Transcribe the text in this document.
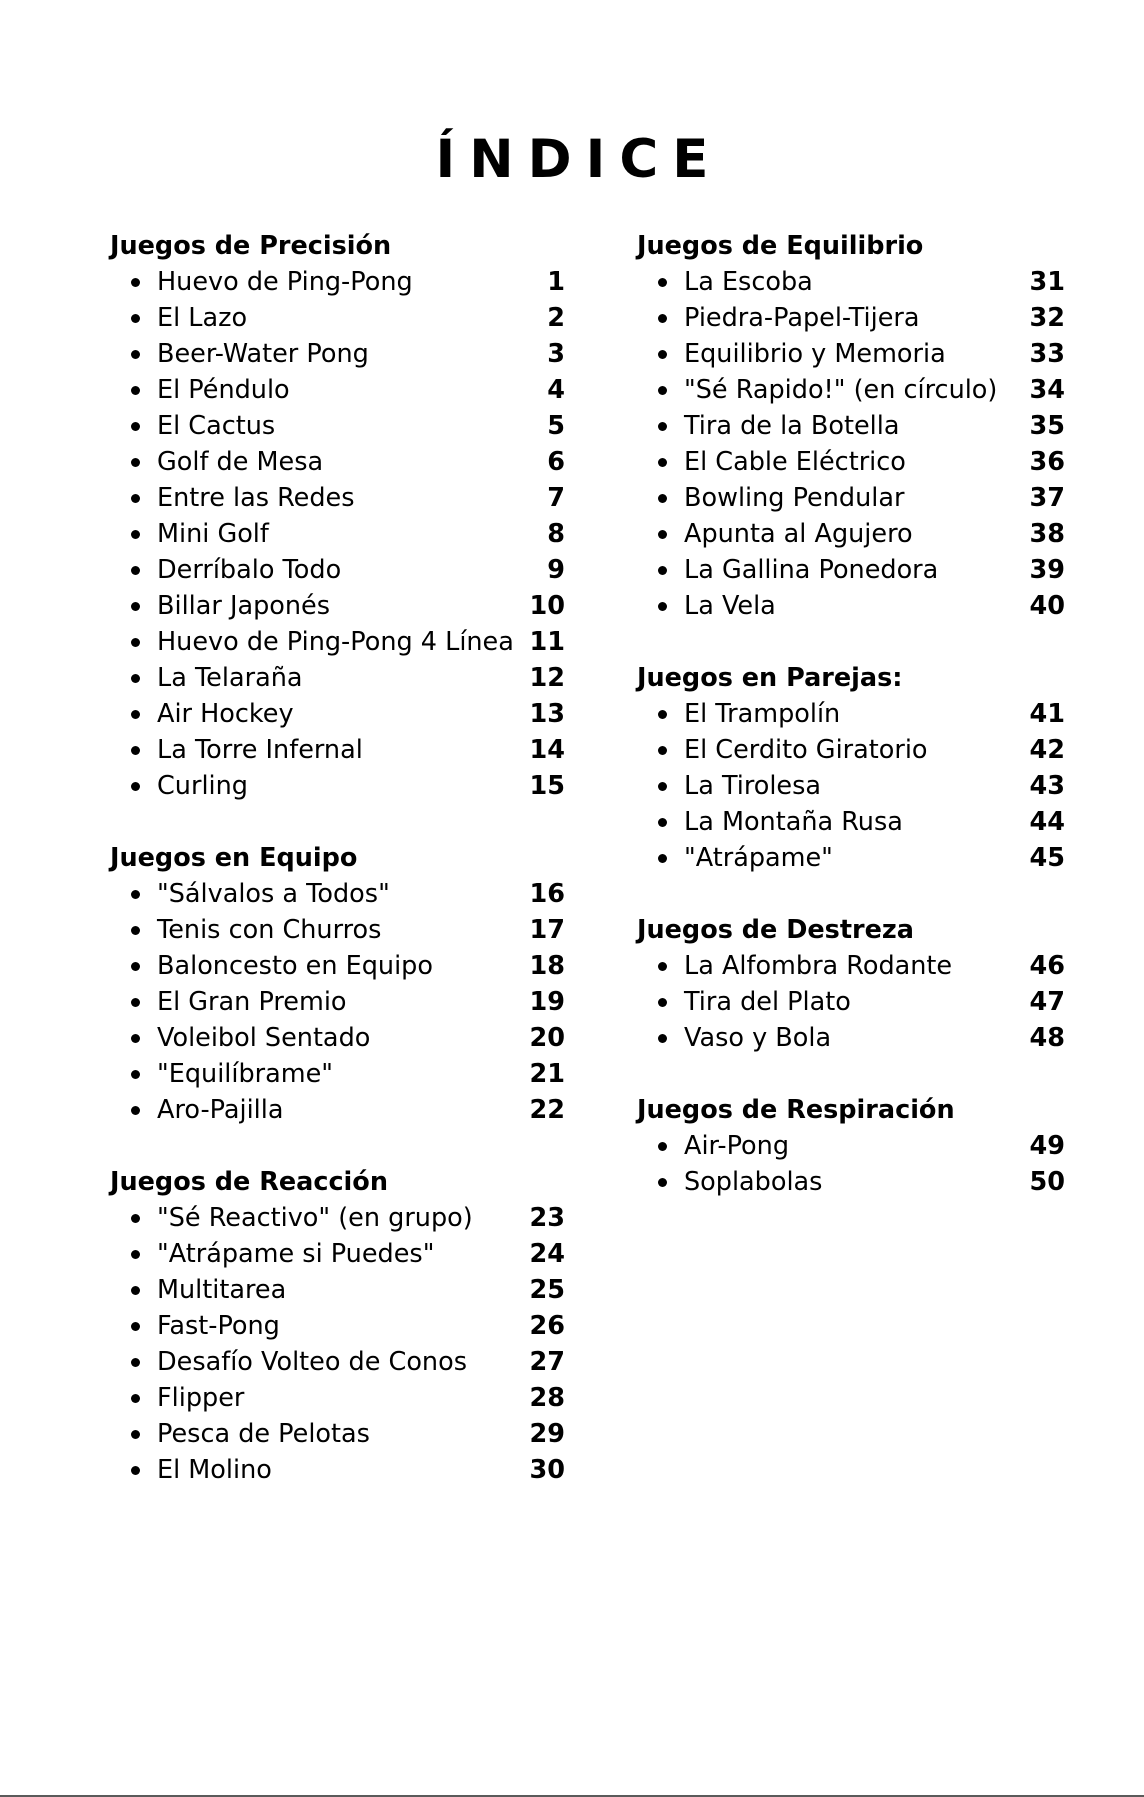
ÍNDICE
Juegos de Precisión
Huevo de Ping-Pong	1
El Lazo	2
Beer-Water Pong	3
El Péndulo	4
El Cactus	5
Golf de Mesa	6
Entre las Redes	7
Mini Golf	8
Derríbalo Todo	9
Billar Japonés	10
Huevo de Ping-Pong 4 Línea 11
La Telaraña	12
Air Hockey	13
La Torre Infernal	14
Curling	15
Juegos en Equipo
"Sálvalos a Todos"	16
Tenis con Churros	17
Baloncesto en Equipo	18
El Gran Premio	19
Voleibol Sentado	20
"Equilíbrame"	21
Aro-Pajilla	22
Juegos de Reacción
"Sé Reactivo" (en grupo) 23
"Atrápame si Puedes"	24
Multitarea	25
Fast-Pong	26
Desafío Volteo de Conos 27
Flipper	28
Pesca de Pelotas	29
El Molino	30
Juegos de Equilibrio
La Escoba	31
Piedra-Papel-Tijera	32
Equilibrio y Memoria	33
"Sé Rapido!" (en círculo) 34
Tira de la Botella	35
El Cable Eléctrico	36
Bowling Pendular	37
Apunta al Agujero	38
La Gallina Ponedora	39
La Vela	40
Juegos en Parejas:
El Trampolín	41
El Cerdito Giratorio	42
La Tirolesa	43
La Montaña Rusa	44
"Atrápame"	45
Juegos de Destreza
La Alfombra Rodante	46
Tira del Plato	47
Vaso y Bola	48
Juegos de Respiración
Air-Pong	49
Soplabolas	50
